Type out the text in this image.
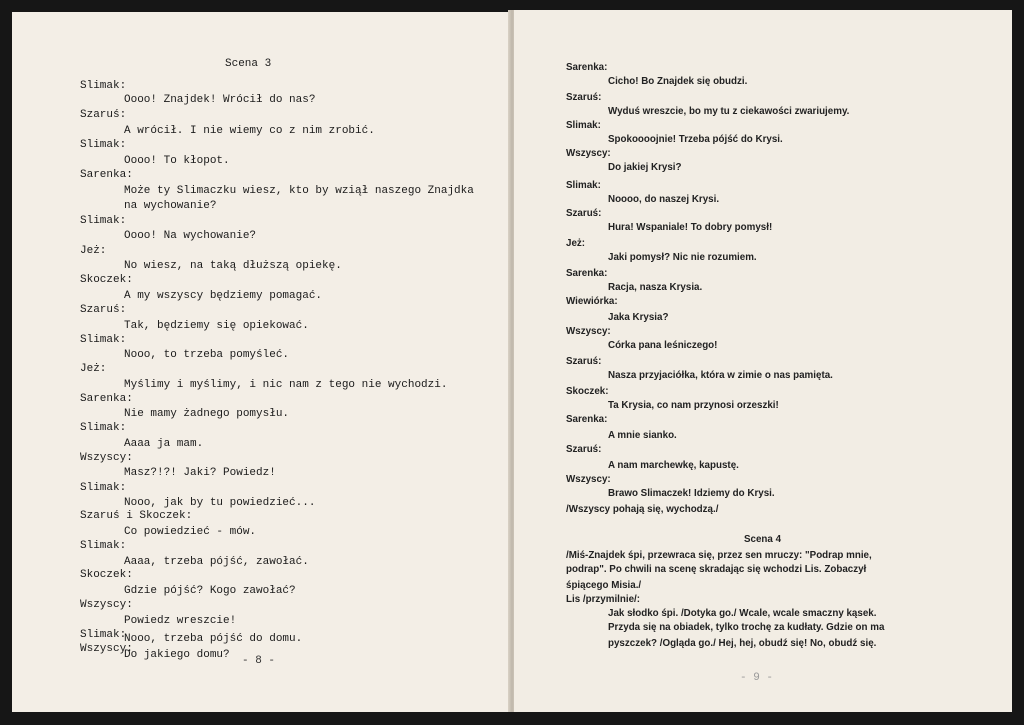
Scena 3
Slimak:
Oooo! Znajdek! Wrócił do nas?
Szaruś:
A wrócił. I nie wiemy co z nim zrobić.
Slimak:
Oooo! To kłopot.
Sarenka:
Może ty Slimaczku wiesz, kto by wziął naszego Znajdka
na wychowanie?
Slimak:
Oooo! Na wychowanie?
Jeż:
No wiesz, na taką dłuższą opiekę.
Skoczek:
A my wszyscy będziemy pomagać.
Szaruś:
Tak, będziemy się opiekować.
Slimak:
Nooo, to trzeba pomyśleć.
Jeż:
Myślimy i myślimy, i nic nam z tego nie wychodzi.
Sarenka:
Nie mamy żadnego pomysłu.
Slimak:
Aaaa ja mam.
Wszyscy:
Masz?!?! Jaki? Powiedz!
Slimak:
Nooo, jak by tu powiedzieć...
Szaruś i Skoczek:
Co powiedzieć - mów.
Slimak:
Aaaa, trzeba pójść, zawołać.
Skoczek:
Gdzie pójść? Kogo zawołać?
Wszyscy:
Powiedz wreszcie!
Slimak:
Nooo, trzeba pójść do domu.
Wszyscy:
Do jakiego domu? - 8 -
Sarenka:
Cicho! Bo Znajdek się obudzi.
Szaruś:
Wyduś wreszcie, bo my tu z ciekawości zwariujemy.
Slimak:
Spokoooojnie! Trzeba pójść do Krysi.
Wszyscy:
Do jakiej Krysi?
Slimak:
Noooo, do naszej Krysi.
Szaruś:
Hura! Wspaniale! To dobry pomysł!
Jeż:
Jaki pomysł? Nic nie rozumiem.
Sarenka:
Racja, nasza Krysia.
Wiewiórka:
Jaka Krysia?
Wszyscy:
Córka pana leśniczego!
Szaruś:
Nasza przyjaciółka, która w zimie o nas pamięta.
Skoczek:
Ta Krysia, co nam przynosi orzeszki!
Sarenka:
A mnie sianko.
Szaruś:
A nam marchewkę, kapustę.
Wszyscy:
Brawo Slimaczek! Idziemy do Krysi.
/Wszyscy pohają się, wychodzą./
Scena 4
/Miś-Znajdek śpi, przewraca się, przez sen mruczy: "Podrap mnie,
podrap". Po chwili na scenę skradając się wchodzi Lis. Zobaczył
śpiącego Misia./
Lis /przymilnie/:
Jak słodko śpi. /Dotyka go./ Wcale, wcale smaczny kąsek.
Przyda się na obiadek, tylko trochę za kudłaty. Gdzie on ma
pyszczek? /Ogląda go./ Hej, hej, obudź się! No, obudź się.
- 9 -
